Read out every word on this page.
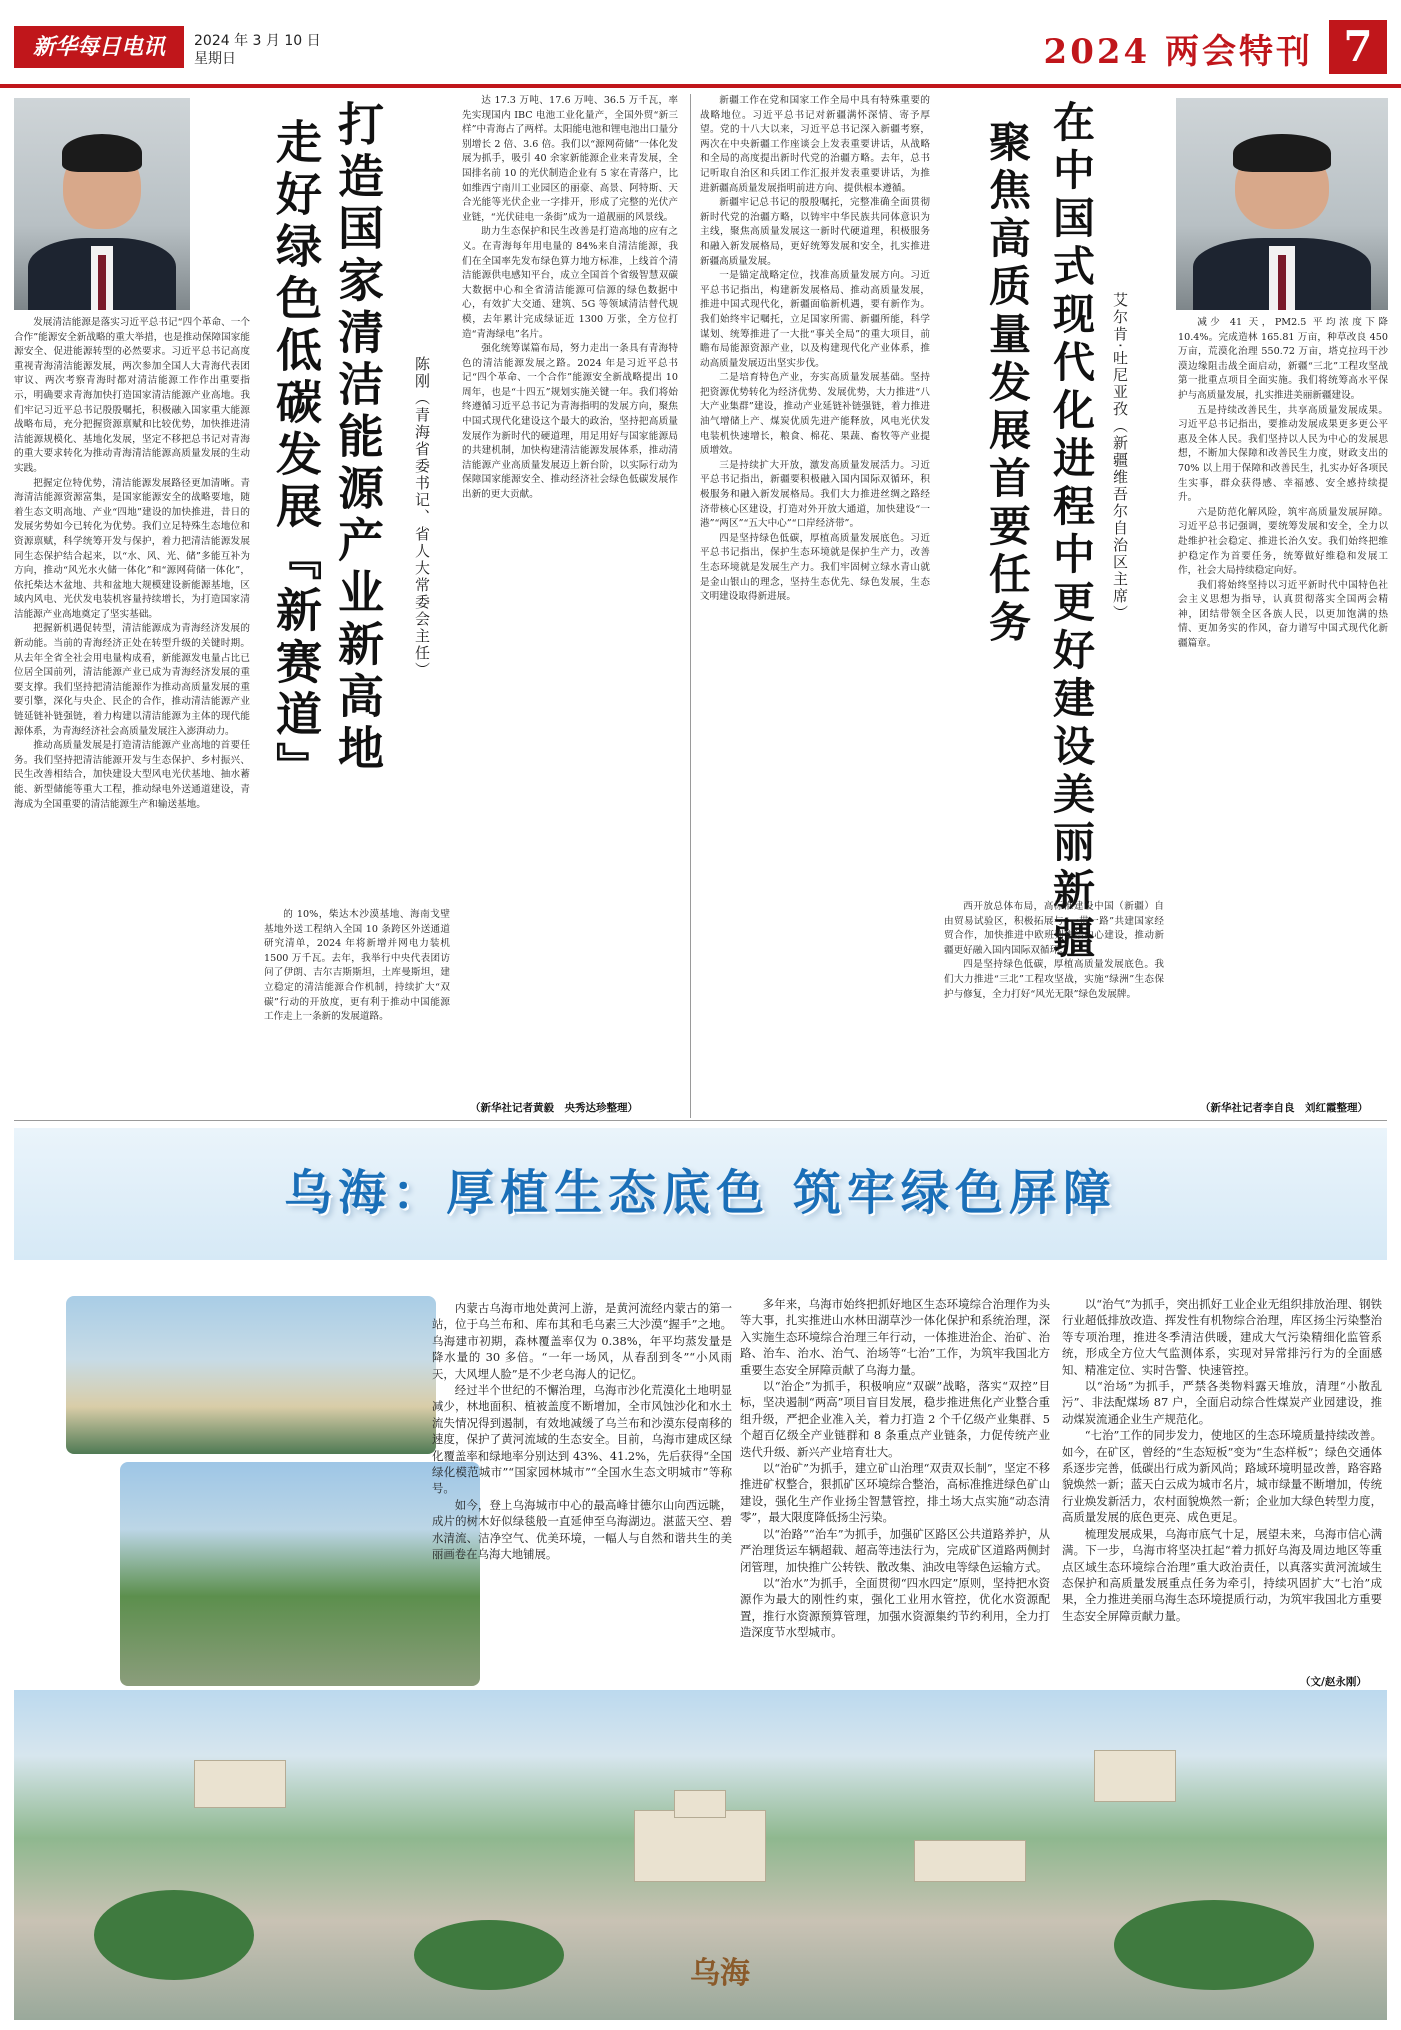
新华每日电讯	2024 年 3 月 10 日
星期日	2024 两会特刊 7
打造国家清洁能源产业新高地
走好绿色低碳发展『新赛道』	陈刚（青海省委书记、省人大常委会主任）

发展清洁能源是落实习近平总书记“四个革命、一个合作”能源安全新战略的重大举措，也是推动保障国家能源安全、促进能源转型的必然要求。习近平总书记高度重视青海清洁能源发展，两次参加全国人大青海代表团审议、两次考察青海时都对清洁能源工作作出重要指示，明确要求青海加快打造国家清洁能源产业高地。我们牢记习近平总书记殷殷嘱托，积极融入国家重大能源战略布局，充分把握资源禀赋和比较优势，加快推进清洁能源规模化、基地化发展，坚定不移把总书记对青海的重大要求转化为推动青海清洁能源高质量发展的生动实践。

把握定位特优势，清洁能源发展路径更加清晰。青海清洁能源资源富集，是国家能源安全的战略要地，随着生态文明高地、产业“四地”建设的加快推进，昔日的发展劣势如今已转化为优势。我们立足特殊生态地位和资源禀赋，科学统筹开发与保护，着力把清洁能源发展同生态保护结合起来，以“水、风、光、储”多能互补为方向，推动“风光水火储一体化”和“源网荷储一体化”，依托柴达木盆地、共和盆地大规模建设新能源基地，区域内风电、光伏发电装机容量持续增长，为打造国家清洁能源产业高地奠定了坚实基础。

把握新机遇促转型，清洁能源成为青海经济发展的新动能。当前的青海经济正处在转型升级的关键时期。从去年全省全社会用电量构成看，新能源发电量占比已位居全国前列，清洁能源产业已成为青海经济发展的重要支撑。我们坚持把清洁能源作为推动高质量发展的重要引擎，深化与央企、民企的合作，推动清洁能源产业链延链补链强链，着力构建以清洁能源为主体的现代能源体系，为青海经济社会高质量发展注入澎湃动力。

推动高质量发展是打造清洁能源产业高地的首要任务。我们坚持把清洁能源开发与生态保护、乡村振兴、民生改善相结合，加快建设大型风电光伏基地、抽水蓄能、新型储能等重大工程，推动绿电外送通道建设，青海成为全国重要的清洁能源生产和输送基地。

的 10%，柴达木沙漠基地、海南戈壁基地外送工程纳入全国 10 条跨区外送通道研究清单，2024 年将新增并网电力装机 1500 万千瓦。去年，我举行中央代表团访问了伊朗、吉尔吉斯斯坦，土库曼斯坦，建立稳定的清洁能源合作机制，持续扩大“双碳”行动的开放度，更有利于推动中国能源工作走上一条新的发展道路。

达 17.3 万吨、17.6 万吨、36.5 万千瓦，率先实现国内 IBC 电池工业化量产，全国外贸“新三样”中青海占了两样。太阳能电池和锂电池出口量分别增长 2 倍、3.6 倍。我们以“源网荷储”一体化发展为抓手，吸引 40 余家新能源企业来青发展，全国排名前 10 的光伏制造企业有 5 家在青落户，比如维西宁南川工业园区的丽豪、高景、阿特斯、天合光能等光伏企业一字排开，形成了完整的光伏产业链，“光伏硅电一条街”成为一道靓丽的风景线。

助力生态保护和民生改善是打造高地的应有之义。在青海每年用电量的 84%来自清洁能源，我们在全国率先发布绿色算力地方标准，上线首个清洁能源供电感知平台，成立全国首个省级智慧双碳大数据中心和全省清洁能源可信源的绿色数据中心，有效扩大交通、建筑、5G 等领域清洁替代规模，去年累计完成绿证近 1300 万张，全方位打造“青海绿电”名片。

强化统筹谋篇布局，努力走出一条具有青海特色的清洁能源发展之路。2024 年是习近平总书记“四个革命、一个合作”能源安全新战略提出 10 周年，也是“十四五”规划实施关键一年。我们将始终遵循习近平总书记为青海指明的发展方向，聚焦中国式现代化建设这个最大的政治，坚持把高质量发展作为新时代的硬道理，用足用好与国家能源局的共建机制，加快构建清洁能源发展体系，推动清洁能源产业高质量发展迈上新台阶，以实际行动为保障国家能源安全、推动经济社会绿色低碳发展作出新的更大贡献。

（新华社记者黄毅　央秀达珍整理）

新疆工作在党和国家工作全局中具有特殊重要的战略地位。习近平总书记对新疆满怀深情、寄予厚望。党的十八大以来，习近平总书记深入新疆考察，两次在中央新疆工作座谈会上发表重要讲话，从战略和全局的高度提出新时代党的治疆方略。去年，总书记听取自治区和兵团工作汇报并发表重要讲话，为推进新疆高质量发展指明前进方向、提供根本遵循。

新疆牢记总书记的殷殷嘱托，完整准确全面贯彻新时代党的治疆方略，以铸牢中华民族共同体意识为主线，聚焦高质量发展这一新时代硬道理，积极服务和融入新发展格局，更好统筹发展和安全，扎实推进新疆高质量发展。

一是锚定战略定位，找准高质量发展方向。习近平总书记指出，构建新发展格局、推动高质量发展，推进中国式现代化，新疆面临新机遇，要有新作为。我们始终牢记嘱托，立足国家所需、新疆所能，科学谋划、统筹推进了一大批“事关全局”的重大项目，前瞻布局能源资源产业，以及构建现代化产业体系，推动高质量发展迈出坚实步伐。

二是培育特色产业，夯实高质量发展基础。坚持把资源优势转化为经济优势、发展优势，大力推进“八大产业集群”建设，推动产业延链补链强链，着力推进油气增储上产、煤炭优质先进产能释放，风电光伏发电装机快速增长，粮食、棉花、果蔬、畜牧等产业提质增效。

三是持续扩大开放，激发高质量发展活力。习近平总书记指出，新疆要积极融入国内国际双循环，积极服务和融入新发展格局。我们大力推进丝绸之路经济带核心区建设，打造对外开放大通道，加快建设“一港”“两区”“五大中心”“口岸经济带”。

四是坚持绿色低碳，厚植高质量发展底色。习近平总书记指出，保护生态环境就是保护生产力，改善生态环境就是发展生产力。我们牢固树立绿水青山就是金山银山的理念，坚持生态优先、绿色发展，生态文明建设取得新进展。	在中国式现代化进程中更好建设美丽新疆
聚焦高质量发展首要任务	艾尔肯·吐尼亚孜（新疆维吾尔自治区主席）

西开放总体布局，高标准建设中国（新疆）自由贸易试验区，积极拓展与“一带一路”共建国家经贸合作，加快推进中欧班列集结中心建设，推动新疆更好融入国内国际双循环。

四是坚持绿色低碳，厚植高质量发展底色。我们大力推进“三北”工程攻坚战，实施“绿洲”生态保护与修复，全力打好“风光无限”绿色发展牌。

减少 41 天，PM2.5 平均浓度下降 10.4%。完成造林 165.81 万亩，种草改良 450 万亩，荒漠化治理 550.72 万亩，塔克拉玛干沙漠边缘阻击战全面启动，新疆“三北”工程攻坚战第一批重点项目全面实施。我们将统筹高水平保护与高质量发展，扎实推进美丽新疆建设。

五是持续改善民生，共享高质量发展成果。习近平总书记指出，要推动发展成果更多更公平惠及全体人民。我们坚持以人民为中心的发展思想，不断加大保障和改善民生力度，财政支出的 70% 以上用于保障和改善民生，扎实办好各项民生实事，群众获得感、幸福感、安全感持续提升。

六是防范化解风险，筑牢高质量发展屏障。习近平总书记强调，要统筹发展和安全，全力以赴维护社会稳定、推进长治久安。我们始终把维护稳定作为首要任务，统筹做好维稳和发展工作，社会大局持续稳定向好。

我们将始终坚持以习近平新时代中国特色社会主义思想为指导，认真贯彻落实全国两会精神，团结带领全区各族人民，以更加饱满的热情、更加务实的作风，奋力谱写中国式现代化新疆篇章。

（新华社记者李自良　刘红霞整理）
乌海：厚植生态底色 筑牢绿色屏障

内蒙古乌海市地处黄河上游，是黄河流经内蒙古的第一站，位于乌兰布和、库布其和毛乌素三大沙漠“握手”之地。乌海建市初期，森林覆盖率仅为 0.38%，年平均蒸发量是降水量的 30 多倍。“一年一场风，从春刮到冬”“小风雨天，大风埋人脸”是不少老乌海人的记忆。

经过半个世纪的不懈治理，乌海市沙化荒漠化土地明显减少，林地面积、植被盖度不断增加，全市风蚀沙化和水土流失情况得到遏制，有效地减缓了乌兰布和沙漠东侵南移的速度，保护了黄河流域的生态安全。目前，乌海市建成区绿化覆盖率和绿地率分别达到 43%、41.2%，先后获得“全国绿化模范城市”“国家园林城市”“全国水生态文明城市”等称号。

如今，登上乌海城市中心的最高峰甘德尔山向西远眺，成片的树木好似绿毯般一直延伸至乌海湖边。湛蓝天空、碧水清流、洁净空气、优美环境，一幅人与自然和谐共生的美丽画卷在乌海大地铺展。

多年来，乌海市始终把抓好地区生态环境综合治理作为头等大事，扎实推进山水林田湖草沙一体化保护和系统治理，深入实施生态环境综合治理三年行动，一体推进治企、治矿、治路、治车、治水、治气、治场等“七治”工作，为筑牢我国北方重要生态安全屏障贡献了乌海力量。

以“治企”为抓手，积极响应“双碳”战略，落实“双控”目标，坚决遏制“两高”项目盲目发展，稳步推进焦化产业整合重组升级，严把企业准入关，着力打造 2 个千亿级产业集群、5 个超百亿级全产业链群和 8 条重点产业链条，力促传统产业迭代升级、新兴产业培育壮大。

以“治矿”为抓手，建立矿山治理“双责双长制”，坚定不移推进矿权整合，狠抓矿区环境综合整治，高标准推进绿色矿山建设，强化生产作业扬尘智慧管控，排土场大点实施“动态清零”，最大限度降低扬尘污染。

以“治路”“治车”为抓手，加强矿区路区公共道路养护，从严治理货运车辆超载、超高等违法行为，完成矿区道路两侧封闭管理，加快推广公转铁、散改集、油改电等绿色运输方式。

以“治水”为抓手，全面贯彻“四水四定”原则，坚持把水资源作为最大的刚性约束，强化工业用水管控，优化水资源配置，推行水资源预算管理，加强水资源集约节约利用，全力打造深度节水型城市。

以“治气”为抓手，突出抓好工业企业无组织排放治理、钢铁行业超低排放改造、挥发性有机物综合治理，库区扬尘污染整治等专项治理，推进冬季清洁供暖，建成大气污染精细化监管系统，形成全方位大气监测体系，实现对异常排污行为的全面感知、精准定位、实时告警、快速管控。

以“治场”为抓手，严禁各类物料露天堆放，清理“小散乱污”、非法配煤场 87 户，全面启动综合性煤炭产业园建设，推动煤炭流通企业生产规范化。

“七治”工作的同步发力，使地区的生态环境质量持续改善。如今，在矿区，曾经的“生态短板”变为“生态样板”；绿色交通体系逐步完善，低碳出行成为新风尚；路域环境明显改善，路容路貌焕然一新；蓝天白云成为城市名片，城市绿量不断增加，传统行业焕发新活力，农村面貌焕然一新；企业加大绿色转型力度，高质量发展的底色更亮、成色更足。

梳理发展成果，乌海市底气十足，展望未来，乌海市信心满满。下一步，乌海市将坚决扛起“着力抓好乌海及周边地区等重点区域生态环境综合治理”重大政治责任，以真落实黄河流域生态保护和高质量发展重点任务为牵引，持续巩固扩大“七治”成果，全力推进美丽乌海生态环境提质行动，为筑牢我国北方重要生态安全屏障贡献力量。

（文/赵永刚）
乌海
